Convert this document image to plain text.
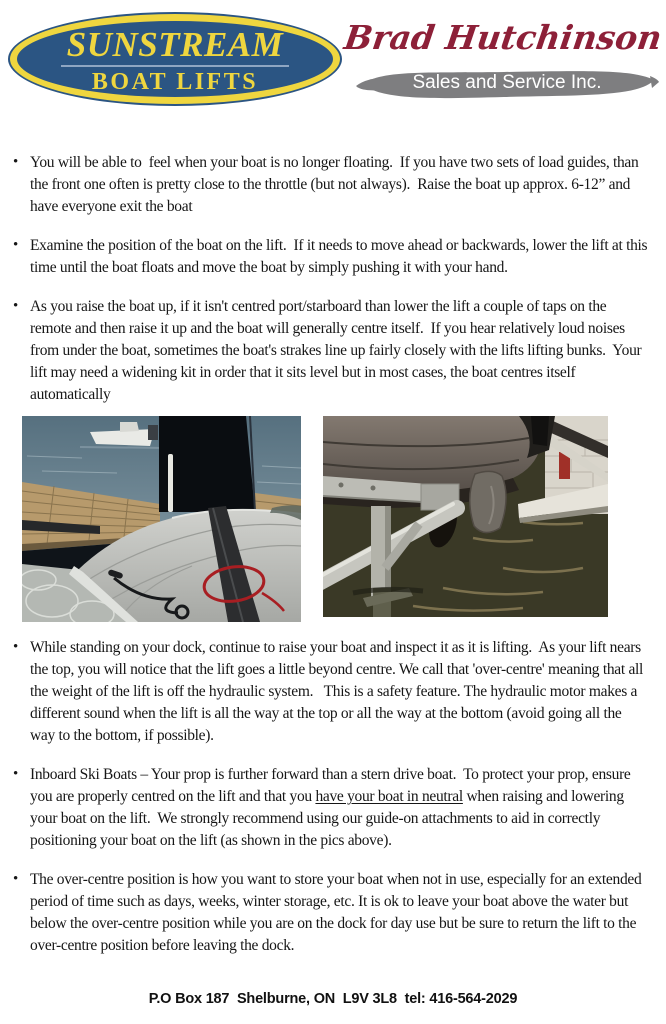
SUNSTREAM
BOAT LIFTS
Brad Hutchinson
Sales and Service Inc.
• You will be able to  feel when your boat is no longer floating.  If you have two sets of load guides, than the front one often is pretty close to the throttle (but not always).  Raise the boat up approx. 6-12” and have everyone exit the boat
• Examine the position of the boat on the lift.  If it needs to move ahead or backwards, lower the lift at this time until the boat floats and move the boat by simply pushing it with your hand.
• As you raise the boat up, if it isn't centred port/starboard than lower the lift a couple of taps on the remote and then raise it up and the boat will generally centre itself.  If you hear relatively loud noises from under the boat, sometimes the boat's strakes line up fairly closely with the lifts lifting bunks.  Your lift may need a widening kit in order that it sits level but in most cases, the boat centres itself automatically
• While standing on your dock, continue to raise your boat and inspect it as it is lifting.  As your lift nears the top, you will notice that the lift goes a little beyond centre. We call that 'over-centre' meaning that all the weight of the lift is off the hydraulic system.   This is a safety feature. The hydraulic motor makes a different sound when the lift is all the way at the top or all the way at the bottom (avoid going all the way to the bottom, if possible).
• Inboard Ski Boats – Your prop is further forward than a stern drive boat.  To protect your prop, ensure you are properly centred on the lift and that you have your boat in neutral when raising and lowering your boat on the lift.  We strongly recommend using our guide-on attachments to aid in correctly positioning your boat on the lift (as shown in the pics above).
• The over-centre position is how you want to store your boat when not in use, especially for an extended period of time such as days, weeks, winter storage, etc. It is ok to leave your boat above the water but below the over-centre position while you are on the dock for day use but be sure to return the lift to the over-centre position before leaving the dock.
P.O Box 187  Shelburne, ON  L9V 3L8  tel: 416-564-2029
